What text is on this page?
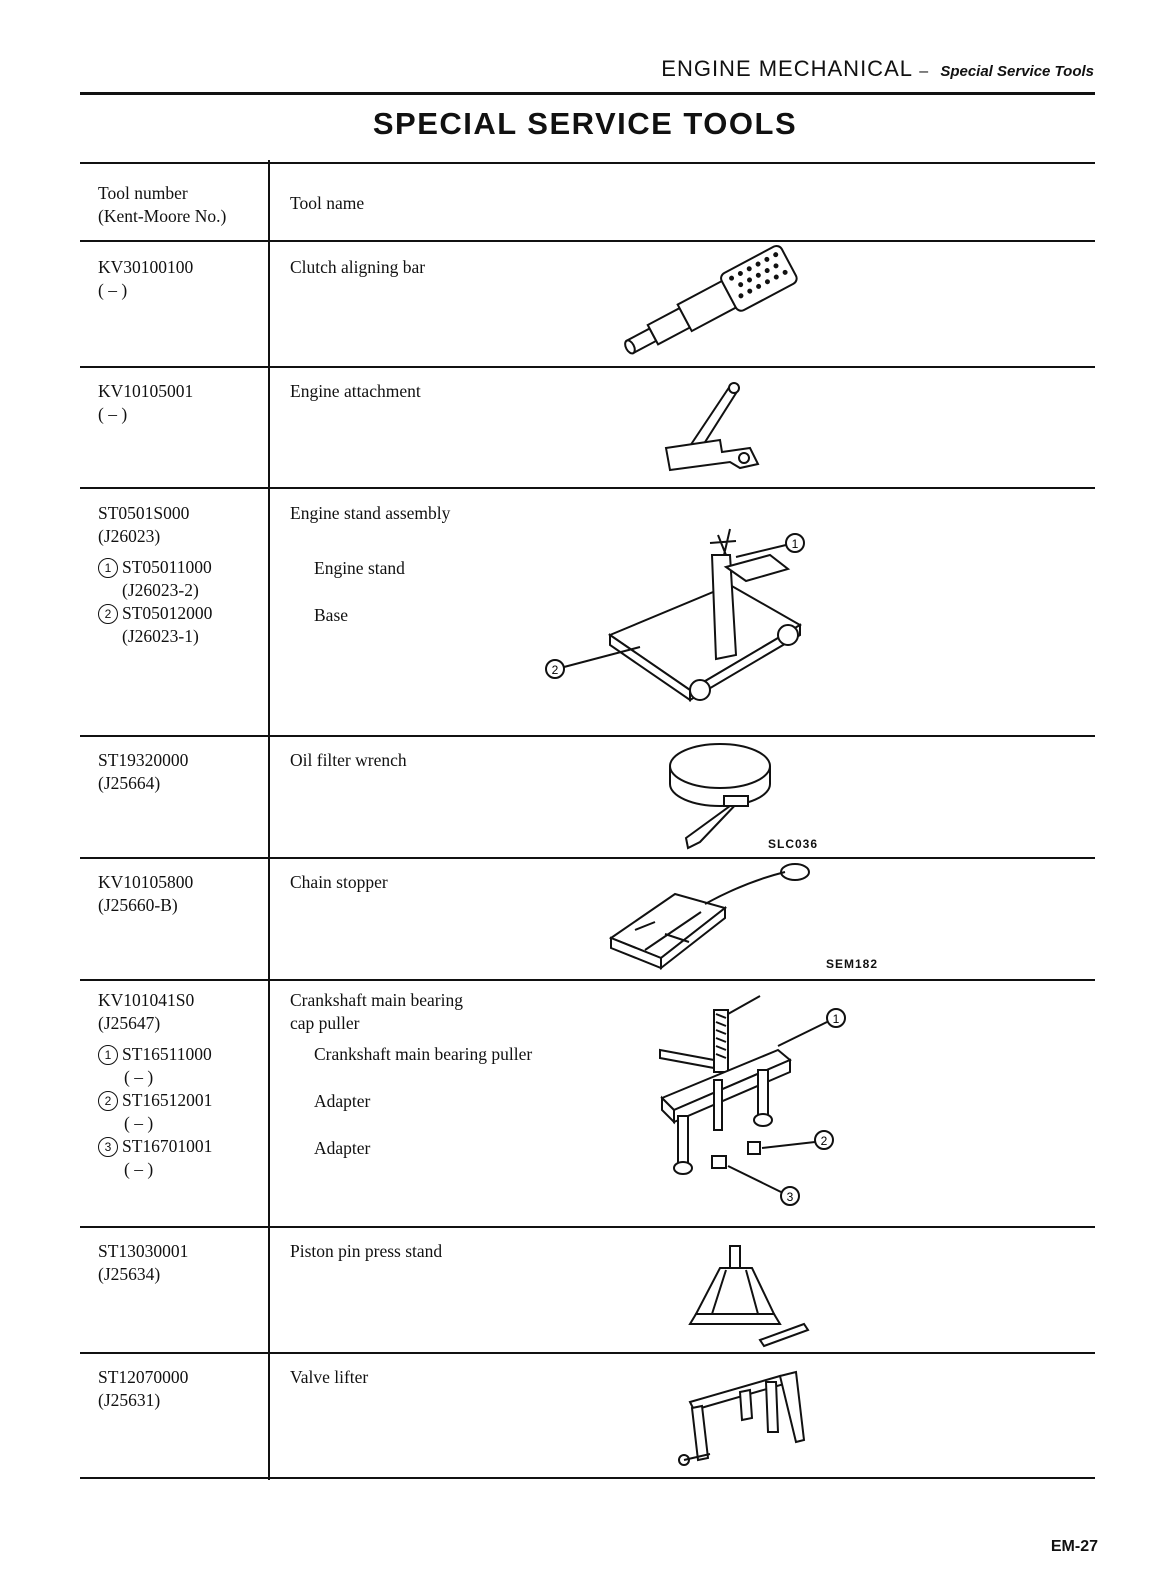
ENGINE MECHANICAL – Special Service Tools
SPECIAL SERVICE TOOLS
Tool number
(Kent-Moore No.)
Tool name
KV30100100
( – )
Clutch aligning bar
KV10105001
( – )
Engine attachment
ST0501S000
(J26023)
1 ST05011000
(J26023-2)
2 ST05012000
(J26023-1)
Engine stand assembly
Engine stand
Base
1
2
ST19320000
(J25664)
Oil filter wrench
SLC036
KV10105800
(J25660-B)
Chain stopper
SEM182
KV101041S0
(J25647)
1 ST16511000
( – )
2 ST16512001
( – )
3 ST16701001
( – )
Crankshaft main bearing
cap puller
Crankshaft main bearing puller
Adapter
Adapter
1
2
3
ST13030001
(J25634)
Piston pin press stand
ST12070000
(J25631)
Valve lifter
EM-27
